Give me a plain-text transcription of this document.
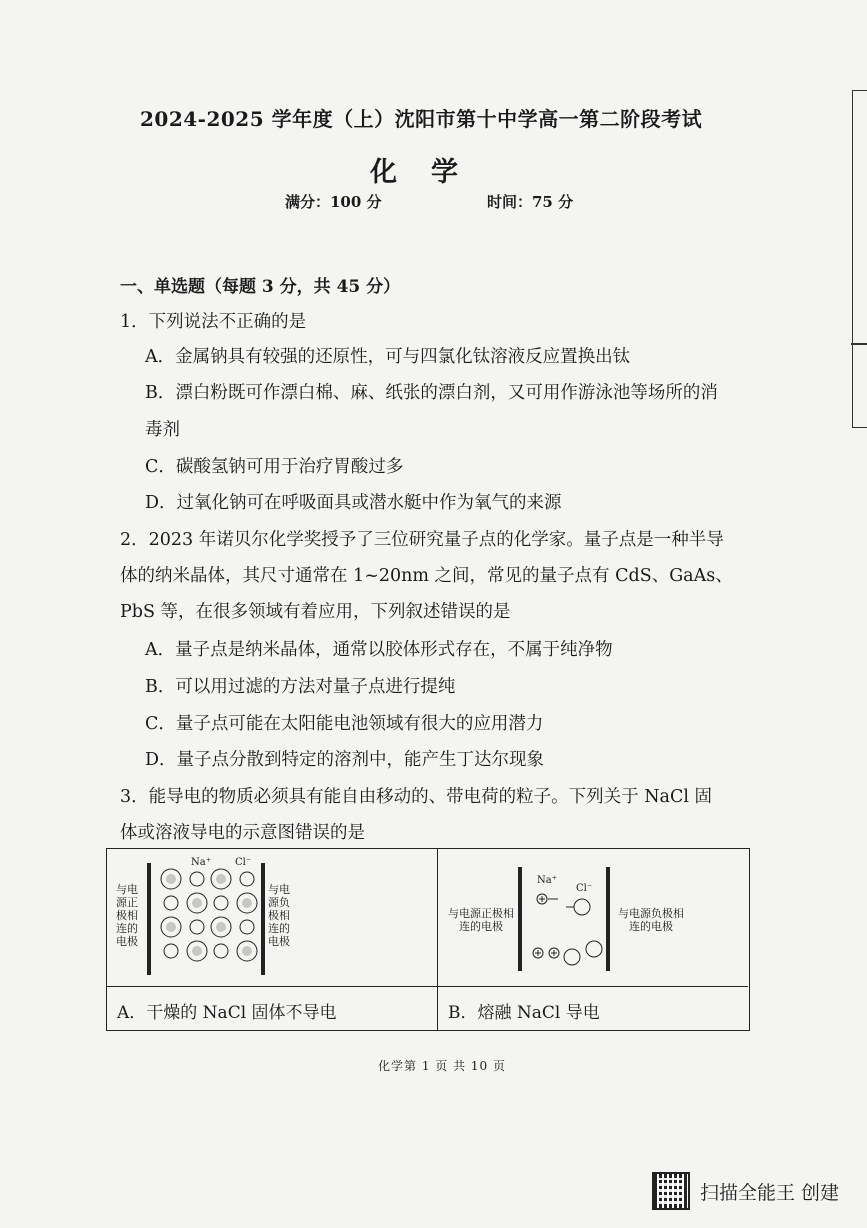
2024-2025 学年度（上）沈阳市第十中学高一第二阶段考试
化学
满分：100 分	时间：75 分
一、单选题（每题 3 分，共 45 分）
1．下列说法不正确的是
A．金属钠具有较强的还原性，可与四氯化钛溶液反应置换出钛
B．漂白粉既可作漂白棉、麻、纸张的漂白剂，又可用作游泳池等场所的消
毒剂
C．碳酸氢钠可用于治疗胃酸过多
D．过氧化钠可在呼吸面具或潜水艇中作为氧气的来源
2．2023 年诺贝尔化学奖授予了三位研究量子点的化学家。量子点是一种半导
体的纳米晶体，其尺寸通常在 1~20nm 之间，常见的量子点有 CdS、GaAs、
PbS 等，在很多领域有着应用，下列叙述错误的是
A．量子点是纳米晶体，通常以胶体形式存在，不属于纯净物
B．可以用过滤的方法对量子点进行提纯
C．量子点可能在太阳能电池领域有很大的应用潜力
D．量子点分散到特定的溶剂中，能产生丁达尔现象
3．能导电的物质必须具有能自由移动的、带电荷的粒子。下列关于 NaCl 固
体或溶液导电的示意图错误的是
与电源正极相连的电极
Na⁺ Cl⁻
与电源负极相连的电极
与电源正极相连的电极
Na⁺
Cl⁻
与电源负极相连的电极
A．干燥的 NaCl 固体不导电	B．熔融 NaCl 导电
化学第 1 页 共 10 页
扫描全能王 创建
